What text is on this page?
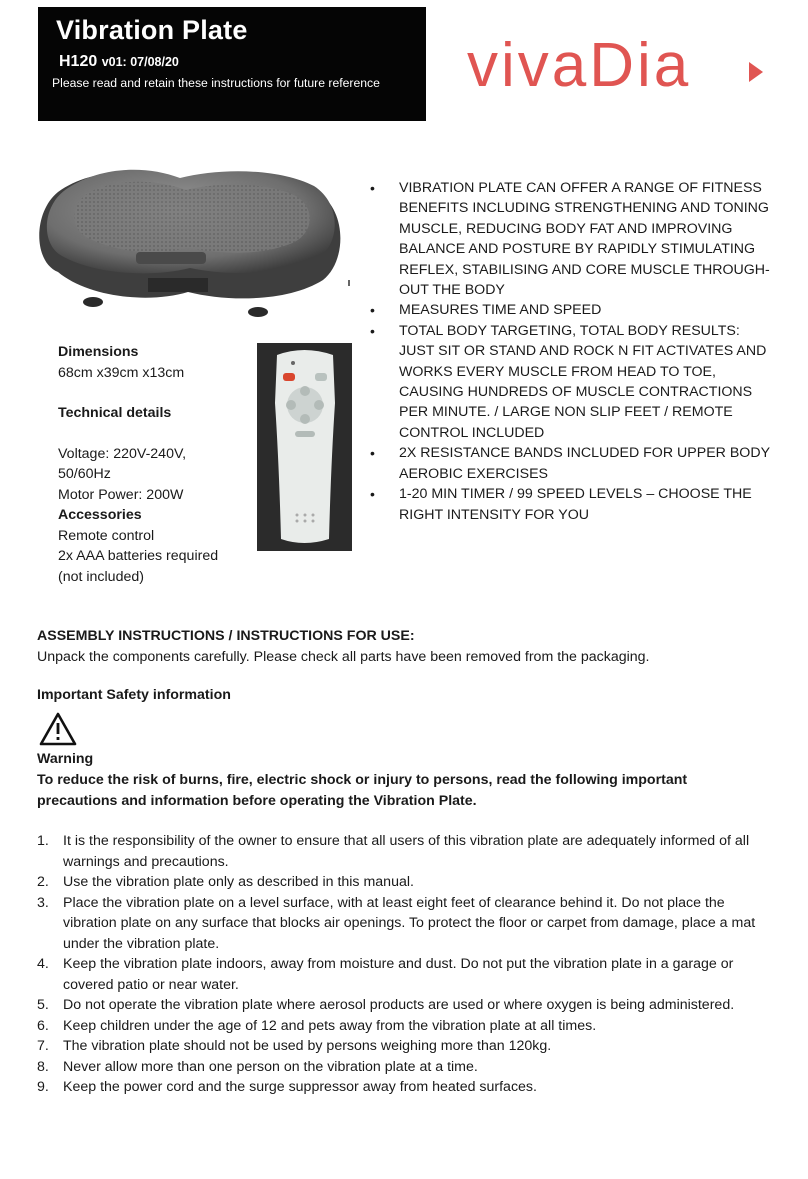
Vibration Plate
H120 v01: 07/08/20
Please read and retain these instructions for future reference vivaDia
Dimensions
68cm x39cm x13cm
Technical details
Voltage: 220V-240V,
50/60Hz
Motor Power: 200W
Accessories
Remote control
2x AAA batteries required
(not included)
• VIBRATION PLATE CAN OFFER A RANGE OF FITNESS BENEFITS INCLUDING STRENGTHENING AND TONING MUSCLE, REDUCING BODY FAT AND IMPROVING BALANCE AND POSTURE BY RAPIDLY STIMULATING REFLEX, STABILISING AND CORE MUSCLE THROUGH-OUT THE BODY
• MEASURES TIME AND SPEED
• TOTAL BODY TARGETING, TOTAL BODY RESULTS: JUST SIT OR STAND AND ROCK N FIT ACTIVATES AND WORKS EVERY MUSCLE FROM HEAD TO TOE, CAUSING HUNDREDS OF MUSCLE CONTRACTIONS PER MINUTE. / LARGE NON SLIP FEET / REMOTE CONTROL INCLUDED
• 2X RESISTANCE BANDS INCLUDED FOR UPPER BODY AEROBIC EXERCISES
• 1-20 MIN TIMER / 99 SPEED LEVELS – CHOOSE THE RIGHT INTENSITY FOR YOU
ASSEMBLY INSTRUCTIONS / INSTRUCTIONS FOR USE:
Unpack the components carefully. Please check all parts have been removed from the packaging.
Important Safety information
Warning
To reduce the risk of burns, fire, electric shock or injury to persons, read the following important precautions and information before operating the Vibration Plate.
1. It is the responsibility of the owner to ensure that all users of this vibration plate are adequately informed of all warnings and precautions.
2. Use the vibration plate only as described in this manual.
3. Place the vibration plate on a level surface, with at least eight feet of clearance behind it. Do not place the vibration plate on any surface that blocks air openings. To protect the floor or carpet from damage, place a mat under the vibration plate.
4. Keep the vibration plate indoors, away from moisture and dust. Do not put the vibration plate in a garage or covered patio or near water.
5. Do not operate the vibration plate where aerosol products are used or where oxygen is being administered.
6. Keep children under the age of 12 and pets away from the vibration plate at all times.
7. The vibration plate should not be used by persons weighing more than 120kg.
8. Never allow more than one person on the vibration plate at a time.
9. Keep the power cord and the surge suppressor away from heated surfaces.
